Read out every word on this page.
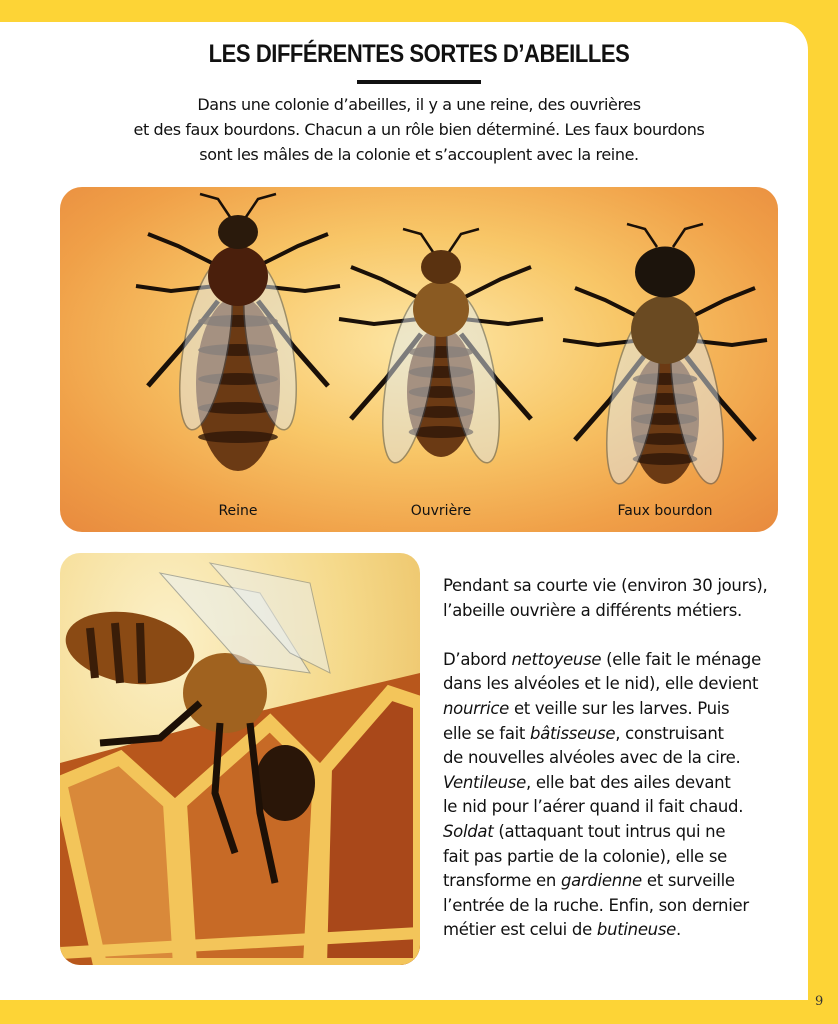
LES DIFFÉRENTES SORTES D’ABEILLES
Dans une colonie d’abeilles, il y a une reine, des ouvrières
et des faux bourdons. Chacun a un rôle bien déterminé. Les faux bourdons
sont les mâles de la colonie et s’accouplent avec la reine.
Reine	Ouvrière	Faux bourdon
Pendant sa courte vie (environ 30 jours),
l’abeille ouvrière a différents métiers.
D’abord nettoyeuse (elle fait le ménage
dans les alvéoles et le nid), elle devient
nourrice et veille sur les larves. Puis
elle se fait bâtisseuse, construisant
de nouvelles alvéoles avec de la cire.
Ventileuse, elle bat des ailes devant
le nid pour l’aérer quand il fait chaud.
Soldat (attaquant tout intrus qui ne
fait pas partie de la colonie), elle se
transforme en gardienne et surveille
l’entrée de la ruche. Enfin, son dernier
métier est celui de butineuse.
9
